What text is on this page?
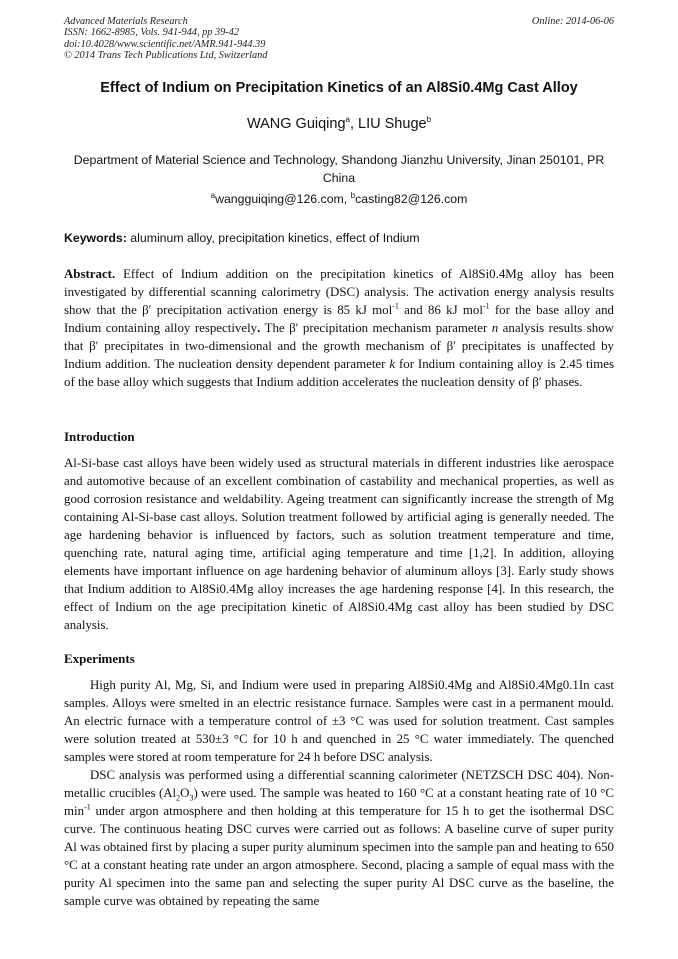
Advanced Materials Research
ISSN: 1662-8985, Vols. 941-944, pp 39-42
doi:10.4028/www.scientific.net/AMR.941-944.39
© 2014 Trans Tech Publications Ltd, Switzerland
Online: 2014-06-06
Effect of Indium on Precipitation Kinetics of an Al8Si0.4Mg Cast Alloy
WANG Guiqing$^a$, LIU Shuge$^b$
Department of Material Science and Technology, Shandong Jianzhu University, Jinan 250101, PR China
$^a$wangguiqing@126.com, $^b$casting82@126.com
Keywords: aluminum alloy, precipitation kinetics, effect of Indium
Abstract. Effect of Indium addition on the precipitation kinetics of Al8Si0.4Mg alloy has been investigated by differential scanning calorimetry (DSC) analysis. The activation energy analysis results show that the β′ precipitation activation energy is 85 kJ mol$^{-1}$ and 86 kJ mol$^{-1}$ for the base alloy and Indium containing alloy respectively. The β′ precipitation mechanism parameter n analysis results show that β′ precipitates in two-dimensional and the growth mechanism of β′ precipitates is unaffected by Indium addition. The nucleation density dependent parameter k for Indium containing alloy is 2.45 times of the base alloy which suggests that Indium addition accelerates the nucleation density of β′ phases.
Introduction
Al-Si-base cast alloys have been widely used as structural materials in different industries like aerospace and automotive because of an excellent combination of castability and mechanical properties, as well as good corrosion resistance and weldability. Ageing treatment can significantly increase the strength of Mg containing Al-Si-base cast alloys. Solution treatment followed by artificial aging is generally needed. The age hardening behavior is influenced by factors, such as solution treatment temperature and time, quenching rate, natural aging time, artificial aging temperature and time [1,2]. In addition, alloying elements have important influence on age hardening behavior of aluminum alloys [3]. Early study shows that Indium addition to Al8Si0.4Mg alloy increases the age hardening response [4]. In this research, the effect of Indium on the age precipitation kinetic of Al8Si0.4Mg cast alloy has been studied by DSC analysis.
Experiments

High purity Al, Mg, Si, and Indium were used in preparing Al8Si0.4Mg and Al8Si0.4Mg0.1In cast samples. Alloys were smelted in an electric resistance furnace. Samples were cast in a permanent mould. An electric furnace with a temperature control of ±3 °C was used for solution treatment. Cast samples were solution treated at 530±3 °C for 10 h and quenched in 25 °C water immediately. The quenched samples were stored at room temperature for 24 h before DSC analysis.

DSC analysis was performed using a differential scanning calorimeter (NETZSCH DSC 404). Non-metallic crucibles $(Al_2O_3)$ were used. The sample was heated to 160 °C at a constant heating rate of 10 °C $\min^{-1}$ under argon atmosphere and then holding at this temperature for 15 h to get the isothermal DSC curve. The continuous heating DSC curves were carried out as follows: A baseline curve of super purity Al was obtained first by placing a super purity aluminum specimen into the sample pan and heating to 650 °C at a constant heating rate under an argon atmosphere. Second, placing a sample of equal mass with the purity Al specimen into the same pan and selecting the super purity Al DSC curve as the baseline, the sample curve was obtained by repeating the same
